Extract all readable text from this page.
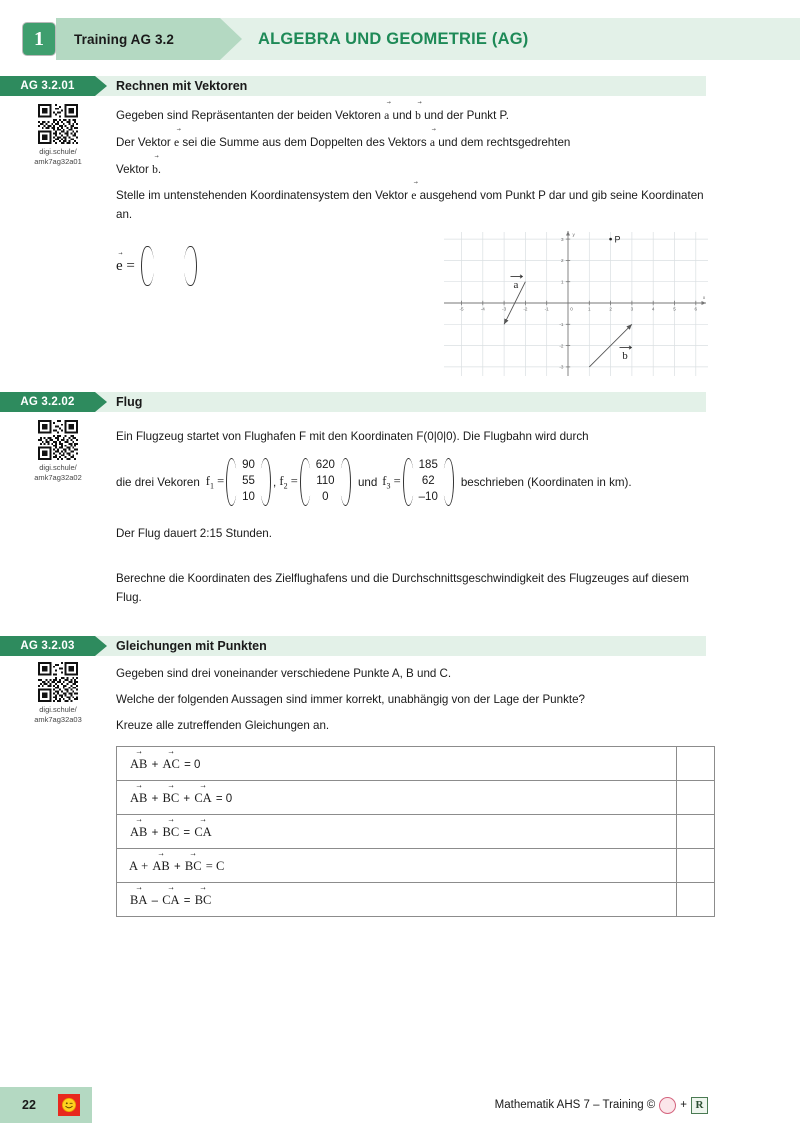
1	Training AG 3.2	ALGEBRA UND GEOMETRIE (AG)
AG 3.2.01	Rechnen mit Vektoren
digi.schule/
amk7ag32a01

Gegeben sind Repräsentanten der beiden Vektoren a → und b → und der Punkt P.

Der Vektor e → sei die Summe aus dem Doppelten des Vektors a → und dem rechtsgedrehten

Vektor b →.

Stelle im untenstehenden Koordinatensystem den Vektor e → ausgehend vom Punkt P dar und gib seine Koordinaten an.

e → =
-5	-4	-3	-2	-1	0	1	2	3	4	5	6
3
2
1
-1
-2
-3
x
y
a
b
P
AG 3.2.02	Flug
digi.schule/
amk7ag32a02

Ein Flugzeug startet von Flughafen F mit den Koordinaten F(0|0|0). Die Flugbahn wird durch

die drei Vekoren $f_1$ =
90
55
10
, $f_2$ =
620
110
0
und $f_3$ =
185
62
–10
beschrieben (Koordinaten in km).

Der Flug dauert 2:15 Stunden.

Berechne die Koordinaten des Zielflughafens und die Durchschnittsgeschwindigkeit des Flugzeuges auf diesem Flug.

AG 3.2.03	Gleichungen mit Punkten
digi.schule/
amk7ag32a03

Gegeben sind drei voneinander verschiedene Punkte A, B und C.

Welche der folgenden Aussagen sind immer korrekt, unabhängig von der Lage der Punkte?

Kreuze alle zutreffenden Gleichungen an.

AB → + AC → = 0	
AB → + BC → + CA → = 0	
AB → + BC → = CA →	
A + AB → + BC → = C	
BA → – CA → = BC →	
22	Mathematik AHS 7 – Training © + R
